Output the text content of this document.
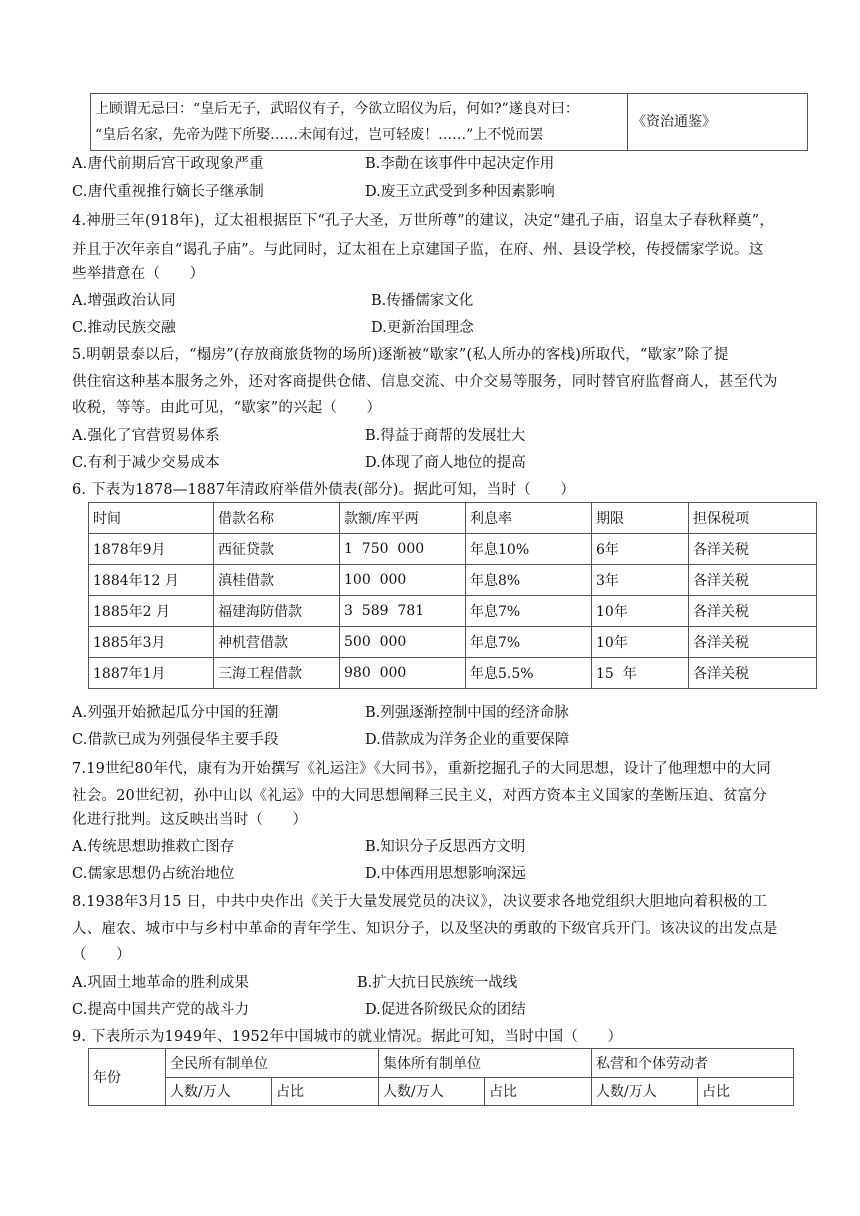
上顾谓无忌曰：“皇后无子，武昭仪有子，今欲立昭仪为后，何如?”遂良对曰：
“皇后名家，先帝为陛下所娶……未闻有过，岂可轻废！……”上不悦而罢
	《资治通鉴》
A.唐代前期后宫干政现象严重	B.李勣在该事件中起决定作用
C.唐代重视推行嫡长子继承制	D.废王立武受到多种因素影响
4.神册三年(918年)，辽太祖根据臣下“孔子大圣，万世所尊”的建议，决定“建孔子庙，诏皇太子春秋释奠”，
并且于次年亲自“谒孔子庙”。与此同时，辽太祖在上京建国子监，在府、州、县设学校，传授儒家学说。这
些举措意在（　　）
A.增强政治认同	B.传播儒家文化
C.推动民族交融	D.更新治国理念
5.明朝景泰以后，“榻房”(存放商旅货物的场所)逐渐被“歇家”(私人所办的客栈)所取代，“歇家”除了提
供住宿这种基本服务之外，还对客商提供仓储、信息交流、中介交易等服务，同时替官府监督商人，甚至代为
收税，等等。由此可见，“歇家”的兴起（　　）
A.强化了官营贸易体系	B.得益于商帮的发展壮大
C.有利于减少交易成本	D.体现了商人地位的提高
6. 下表为1878—1887年清政府举借外债表(部分)。据此可知，当时（　　）
时间	借款名称	款额/库平两	利息率	期限	担保税项
1878年9月	西征贷款	1  750  000	年息10%	6年	各洋关税
1884年12 月	滇桂借款	100  000	年息8%	3年	各洋关税
1885年2 月	福建海防借款	3  589  781	年息7%	10年	各洋关税
1885年3月	神机营借款	500  000	年息7%	10年	各洋关税
1887年1月	三海工程借款	980  000	年息5.5%	15  年	各洋关税
A.列强开始掀起瓜分中国的狂潮	B.列强逐渐控制中国的经济命脉
C.借款已成为列强侵华主要手段	D.借款成为洋务企业的重要保障
7.19世纪80年代，康有为开始撰写《礼运注》《大同书》，重新挖掘孔子的大同思想，设计了他理想中的大同
社会。20世纪初，孙中山以《礼运》中的大同思想阐释三民主义，对西方资本主义国家的垄断压迫、贫富分
化进行批判。这反映出当时（　　）
A.传统思想助推救亡图存	B.知识分子反思西方文明
C.儒家思想仍占统治地位	D.中体西用思想影响深远
8.1938年3月15 日，中共中央作出《关于大量发展党员的决议》，决议要求各地党组织大胆地向着积极的工
人、雇农、城市中与乡村中革命的青年学生、知识分子，以及坚决的勇敢的下级官兵开门。该决议的出发点是
（　　）
A.巩固土地革命的胜利成果	B.扩大抗日民族统一战线
C.提高中国共产党的战斗力	D.促进各阶级民众的团结
9. 下表所示为1949年、1952年中国城市的就业情况。据此可知，当时中国（　　）
年份	全民所有制单位		集体所有制单位		私营和个体劳动者	
	人数/万人	占比	人数/万人	占比	人数/万人	占比
